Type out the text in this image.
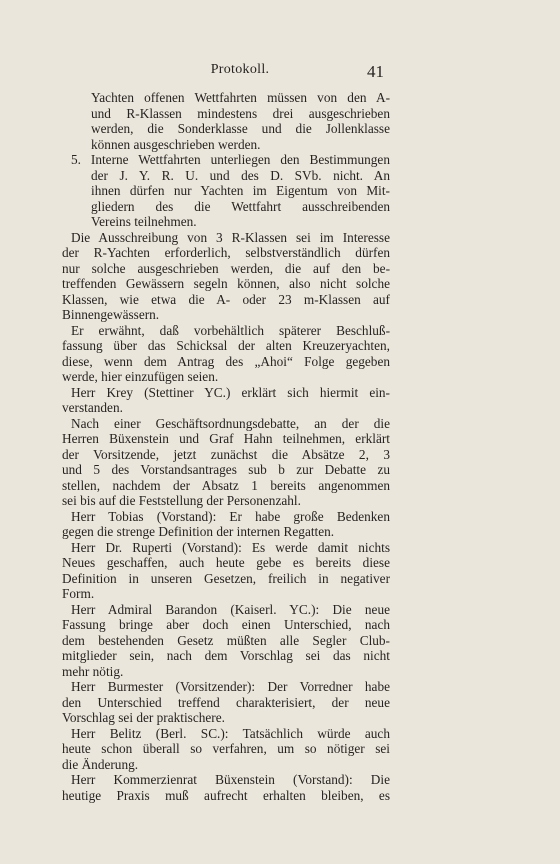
Protokoll.	41
Yachten offenen Wettfahrten müssen von den A-
und R-Klassen mindestens drei ausgeschrieben
werden, die Sonderklasse und die Jollenklasse
können ausgeschrieben werden.
5. Interne Wettfahrten unterliegen den Bestimmungen
der J. Y. R. U. und des D. SVb. nicht. An
ihnen dürfen nur Yachten im Eigentum von Mit-
gliedern des die Wettfahrt ausschreibenden
Vereins teilnehmen.
Die Ausschreibung von 3 R-Klassen sei im Interesse
der R-Yachten erforderlich, selbstverständlich dürfen
nur solche ausgeschrieben werden, die auf den be-
treffenden Gewässern segeln können, also nicht solche
Klassen, wie etwa die A- oder 23 m-Klassen auf
Binnengewässern.
Er erwähnt, daß vorbehältlich späterer Beschluß-
fassung über das Schicksal der alten Kreuzeryachten,
diese, wenn dem Antrag des „Ahoi“ Folge gegeben
werde, hier einzufügen seien.
Herr Krey (Stettiner YC.) erklärt sich hiermit ein-
verstanden.
Nach einer Geschäftsordnungsdebatte, an der die
Herren Büxenstein und Graf Hahn teilnehmen, erklärt
der Vorsitzende, jetzt zunächst die Absätze 2, 3
und 5 des Vorstandsantrages sub b zur Debatte zu
stellen, nachdem der Absatz 1 bereits angenommen
sei bis auf die Feststellung der Personenzahl.
Herr Tobias (Vorstand): Er habe große Bedenken
gegen die strenge Definition der internen Regatten.
Herr Dr. Ruperti (Vorstand): Es werde damit nichts
Neues geschaffen, auch heute gebe es bereits diese
Definition in unseren Gesetzen, freilich in negativer
Form.
Herr Admiral Barandon (Kaiserl. YC.): Die neue
Fassung bringe aber doch einen Unterschied, nach
dem bestehenden Gesetz müßten alle Segler Club-
mitglieder sein, nach dem Vorschlag sei das nicht
mehr nötig.
Herr Burmester (Vorsitzender): Der Vorredner habe
den Unterschied treffend charakterisiert, der neue
Vorschlag sei der praktischere.
Herr Belitz (Berl. SC.): Tatsächlich würde auch
heute schon überall so verfahren, um so nötiger sei
die Änderung.
Herr Kommerzienrat Büxenstein (Vorstand): Die
heutige Praxis muß aufrecht erhalten bleiben, es
